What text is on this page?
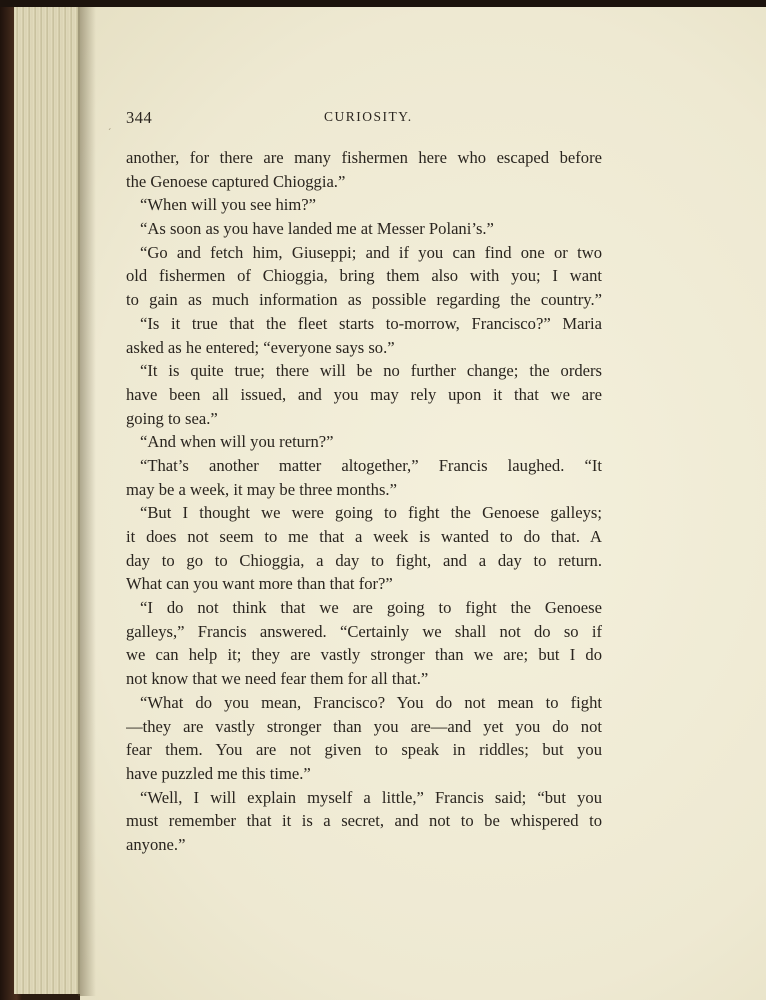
344	CURIOSITY.
´
another, for there are many fishermen here who escaped before
the Genoese captured Chioggia.”
“When will you see him?”
“As soon as you have landed me at Messer Polani’s.”
“Go and fetch him, Giuseppi; and if you can find one or two
old fishermen of Chioggia, bring them also with you; I want
to gain as much information as possible regarding the country.”
“Is it true that the fleet starts to-morrow, Francisco?” Maria
asked as he entered; “everyone says so.”
“It is quite true; there will be no further change; the orders
have been all issued, and you may rely upon it that we are
going to sea.”
“And when will you return?”
“That’s another matter altogether,” Francis laughed. “It
may be a week, it may be three months.”
“But I thought we were going to fight the Genoese galleys;
it does not seem to me that a week is wanted to do that. A
day to go to Chioggia, a day to fight, and a day to return.
What can you want more than that for?”
“I do not think that we are going to fight the Genoese
galleys,” Francis answered. “Certainly we shall not do so if
we can help it; they are vastly stronger than we are; but I do
not know that we need fear them for all that.”
“What do you mean, Francisco? You do not mean to fight
—they are vastly stronger than you are—and yet you do not
fear them. You are not given to speak in riddles; but you
have puzzled me this time.”
“Well, I will explain myself a little,” Francis said; “but you
must remember that it is a secret, and not to be whispered to
anyone.”
